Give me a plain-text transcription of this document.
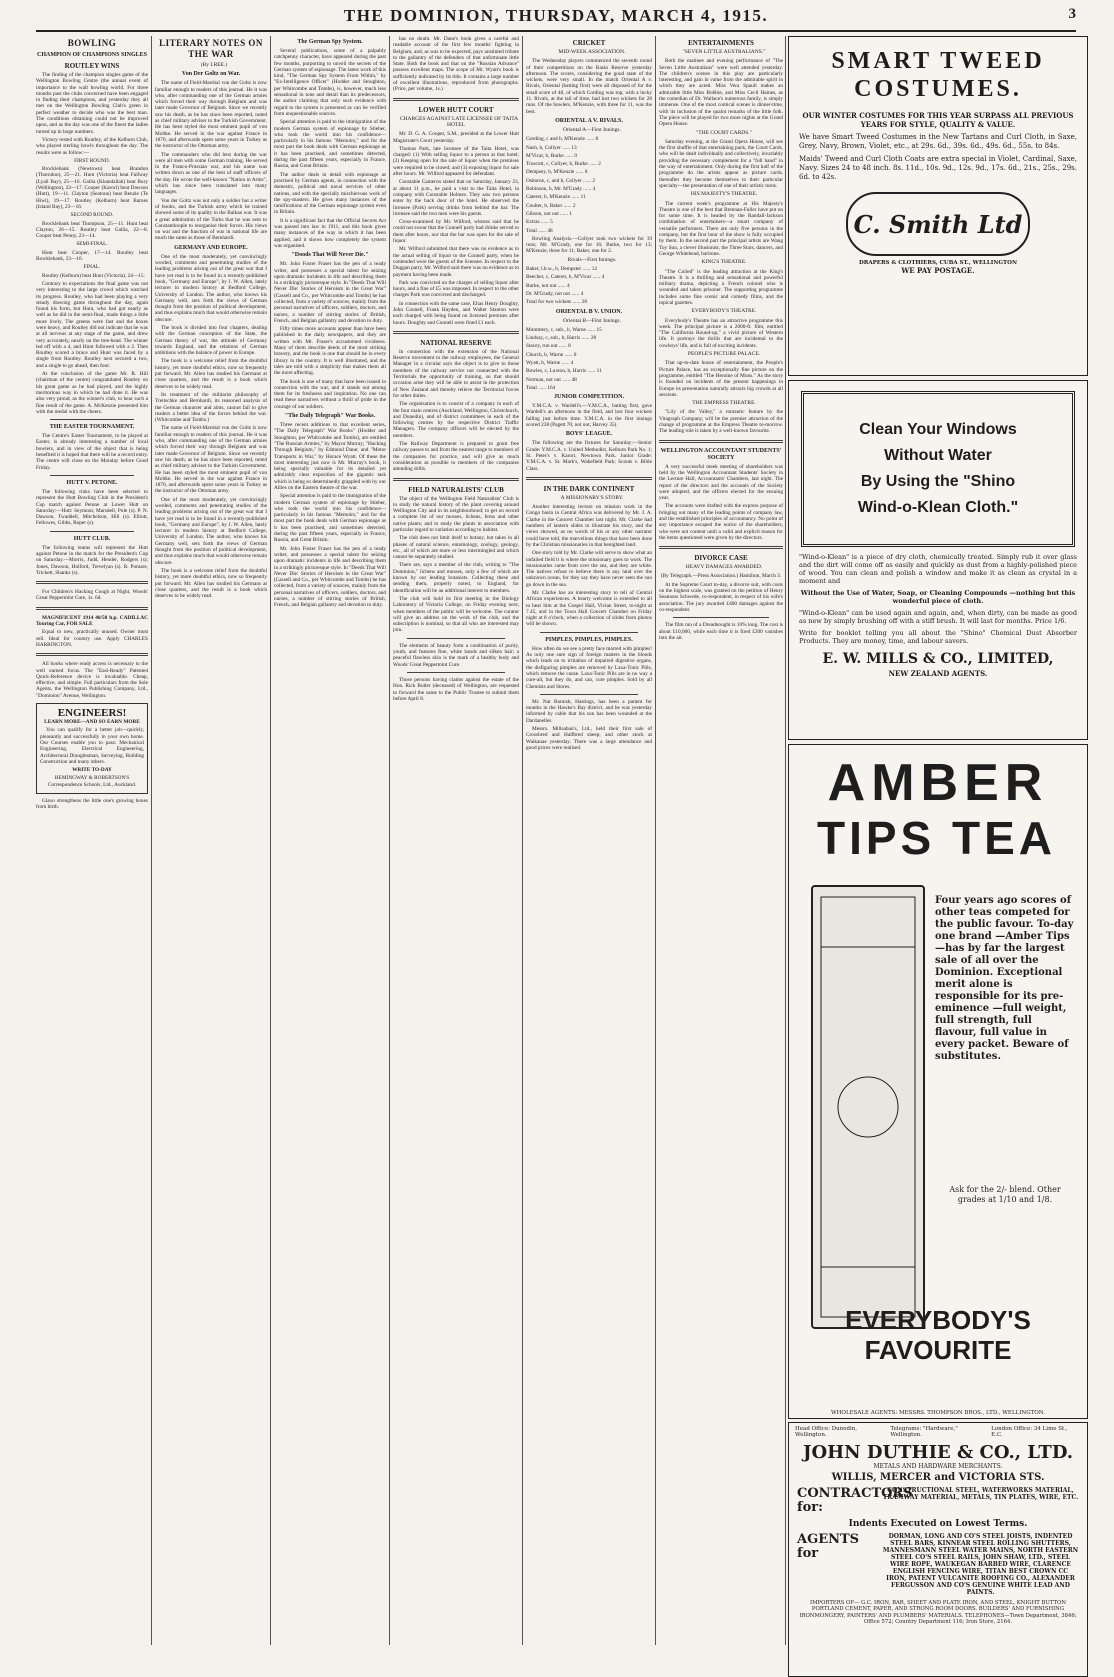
THE DOMINION, THURSDAY, MARCH 4, 1915.	3
BOWLING
CHAMPION OF CHAMPIONS SINGLES
ROUTLEY WINS

The finding of the champion singles game of the Wellington Bowling Centre (the annual event of importance to the wall bowling world. For three months past the clubs concerned have been engaged in finding their champions, and yesterday they all met on the Wellington Bowling Club's green in perfect weather to decide who was the best man. The conditions obtaining could not be improved upon, and as the day was one of the finest the ladies turned up in large numbers.

Victory rested with Routley, of the Kelburn Club, who played sterling bowls throughout the day. The results were as follow:—

FIRST ROUND.

Brocklebank (Newtown) beat Brandon (Thorndon), 25—21. Hunt (Victoria) beat Fallway (Lyall Bay), 25—16. Gallia (Khandallah) beat Bury (Wellington), 22—17. Cooper (Karori) beat Dawson (Hutt), 19—11. Clayton (Seatoun) beat Benzie (Te Hiwi), 19—17. Routley (Kelburn) beat Barnes (Island Bay), 23—16.

SECOND ROUND.

Brocklebank beat Thompson, 25—11. Hunt beat Clayton, 26—15. Routley beat Gallia, 22—8. Cooper beat Penny, 23—14.

SEMI-FINAL.

Hunt beat Cooper, 17—14. Routley beat Brocklebank, 23—16.

FINAL.

Routley (Kelburn) beat Hunt (Victoria), 24—15.

Contrary to expectations the final game was not very interesting to the large crowd which watched its progress. Routley, who had been playing a very steady drawing game throughout the day, again found his form, but Hunt, who had got nearly as well as he did in the semi-final, made things a little more lively. The greens were fast and the boxes were heavy, and Routley did not indicate that he was at all nervous at any stage of the game, and drew very accurately, nearly on the tree-head. The winner led off with a 4, and Hunt followed with a 2. Then Routley scored a brace and Hunt was faced by a single from Routley. Routley next secured a two, and a single to go ahead, then four.

At the conclusion of the game Mr. R. Hill (chairman of the centre) congratulated Routley on his great game as he had played, and the highly meritorious way in which he had done it. He was also very proud, as the winner's club, to hear such a fine result of the game. A. McKenzie presented him with the medal with the cheers.

THE EASTER TOURNAMENT.

The Centre's Easter Tournament, to be played at Easter, is already interesting a number of local bowlers, and in view of the object that is being benefited it is hoped that there will be a record entry. The centre will close on the Monday before Good Friday.

HUTT V. PETONE.

The following rinks have been selected to represent the Hutt Bowling Club in the President's Cup match against Petone at Lower Hutt on Saturday:—Hutt: Seymour, Marsdell, Pole (s). P. N. Dawson, Twaddell, Mitchelson, Hill (s). Elliott, Fellowes, Gibbs, Roper (s).

HUTT CLUB.

The following teams will represent the Hutt against Petone in the match for the President's Cup on Saturday.—Morris, Judd, Hender, Rodgers (s); Jones, Dawson, Holford, Trevelyan (s). R. Pomare, Trickett, Shanks (s).

For Children's Hacking Cough at Night, Woods' Great Peppermint Cure, 1s. 6d.

MAGNIFICENT 1914 40/50 h.p. CADILLAC Touring Car, FOR SALE

Equal to new, practically unused. Owner must sell. Ideal for country use. Apply CHARLES HARRINGTON.

All books where ready access is necessary to the well earned focus. The "Easi-Ready" Patented Quick-Reference device is invaluable. Cheap, effective, and simple. Full particulars from the Sole Agents, the Wellington Publishing Company, Ltd., "Dominion" Avenue, Wellington.

ENGINEERS!

LEARN MORE—AND SO EARN MORE

You can qualify for a better job—quickly, pleasantly and successfully in your own home. Our Courses enable you to pass: Mechanical Engineering, Electrical Engineering, Architectural Draughtsman, Surveying, Building Construction and many others.

WRITE TO-DAY

HEMINGWAY & ROBERTSON'S Correspondence Schools, Ltd., Auckland.

Glaxo strengthens the little one's growing bones from birth.

LITERARY NOTES ON THE WAR

(By I.REE.)

Von Der Goltz on War.

The name of Field-Marshal von der Goltz is now familiar enough to readers of this journal. He it was who, after commanding one of the German armies which forced their way through Belgium and was later made Governor of Belgium. Since we recently saw his death, as he has since been reported, noted as chief military adviser to the Turkish Government. He has been styled the most eminent pupil of von Moltke. He served in the war against France in 1870, and afterwards spent some years in Turkey as the instructor of the Ottoman army.

The commanders who did best during the war were all men with some German training. He served in the Franco-Prussian war, and his name was written down as one of the best of staff officers of the day. He wrote the well-known "Nation in Arms", which has since been translated into many languages.

Von der Goltz was not only a soldier but a writer of books, and the Turkish army which he trained showed some of its quality in the Balkan war. It was a great admiration of the Turks that he was sent to Constantinople to reorganise their forces. His views on war and the function of war in national life are much the same as those of Bernhardi.

GERMANY AND EUROPE.

One of the most moderately, yet convincingly worded, comments and penetrating studies of the leading problems arising out of the great war that I have yet read is to be found in a recently-published book, "Germany and Europe", by J. W. Allen, lately lecturer in modern history at Bedford College, University of London. The author, who knows his Germany well, sets forth the views of German thought from the position of political development, and thus explains much that would otherwise remain obscure.

The book is divided into four chapters, dealing with the German conception of the State, the German theory of war, the attitude of Germany towards England, and the relations of German ambitions with the balance of power in Europe.

The book is a welcome relief from the doubtful history, yet more doubtful ethics, now so frequently put forward. Mr. Allen has studied his Germans at close quarters, and the result is a book which deserves to be widely read.

Its treatment of the militarist philosophy of Treitschke and Bernhardi, its reasoned analysis of the German character and aims, cannot fail to give readers a better idea of the forces behind the war. (Whitcombe and Tombs.)

The name of Field-Marshal von der Goltz is now familiar enough to readers of this journal. He it was who, after commanding one of the German armies which forced their way through Belgium and was later made Governor of Belgium. Since we recently saw his death, as he has since been reported, noted as chief military adviser to the Turkish Government. He has been styled the most eminent pupil of von Moltke. He served in the war against France in 1870, and afterwards spent some years in Turkey as the instructor of the Ottoman army.

One of the most moderately, yet convincingly worded, comments and penetrating studies of the leading problems arising out of the great war that I have yet read is to be found in a recently-published book, "Germany and Europe", by J. W. Allen, lately lecturer in modern history at Bedford College, University of London. The author, who knows his Germany well, sets forth the views of German thought from the position of political development, and thus explains much that would otherwise remain obscure.

The book is a welcome relief from the doubtful history, yet more doubtful ethics, now so frequently put forward. Mr. Allen has studied his Germans at close quarters, and the result is a book which deserves to be widely read.

The German Spy System.

Several publications, some of a palpably catchpenny character, have appeared during the past few months, purporting to unveil the secrets of the German system of espionage. The latest work of this kind, "The German Spy System From Within," by "Ex-Intelligence Officer" (Hodder and Stoughton, per Whitcombe and Tombs), is, however, much less sensational in tone and detail than its predecessors, the author claiming that only such evidence with regard to the system is presented as can be verified from unquestionable sources.

Special attention is paid to the immigration of the modern German system of espionage by Stieber, who took the world into his confidence—particularly in his famous "Memoirs," and for the most part the book deals with German espionage as it has been practised, and sometimes detected, during the past fifteen years, especially in France, Russia, and Great Britain.

The author deals in detail with espionage as practised by German agents, in connection with the domestic, political and naval services of other nations, and with the specially mischievous work of the spy-masters. He gives many instances of the ramifications of the German espionage system even in Britain.

It is a significant fact that the Official Secrets Act was passed into law in 1911, and this book gives many instances of the way in which it has been applied, and it shows how completely the system was organised.

"Doods That Will Never Die."

Mr. John Foster Fraser has the pen of a ready writer, and possesses a special talent for seizing upon dramatic incidents in life and describing them in a strikingly picturesque style. In "Deeds That Will Never Die: Stories of Heroism in the Great War" (Cassell and Co., per Whitcombe and Tombs) he has collected, from a variety of sources, mainly from the personal narratives of officers, soldiers, doctors, and nurses, a number of stirring stories of British, French, and Belgian gallantry and devotion to duty.

Fifty times more accounts appear than have been published in the daily newspapers, and they are written with Mr. Fraser's accustomed vividness. Many of them describe deeds of the most striking bravery, and the book is one that should be in every library in the country. It is well illustrated, and the tales are told with a simplicity that makes them all the more affecting.

The book is one of many that have been issued in connection with the war, and it stands out among them for its freshness and inspiration. No one can read these narratives without a thrill of pride in the courage of our soldiers.

"The Daily Telegraph" War Books.

Three recent additions to that excellent series, "The Daily Telegraph" War Books" (Hodder and Stoughton, per Whitcombe and Tombs), are entitled "The Russian Armies," by Mayor Murray; "Hacking Through Belgium," by Edmund Dane; and "Motor Transports in War," by Horace Wyatt. Of these the most interesting just now is Mr. Murray's book, it being specially valuable for its detailed yet admirably clear exposition of the gigantic task which is being so determinedly grappled with by our Allies on the Eastern theatre of the war.

Special attention is paid to the immigration of the modern German system of espionage by Stieber, who took the world into his confidence—particularly in his famous "Memoirs," and for the most part the book deals with German espionage as it has been practised, and sometimes detected, during the past fifteen years, especially in France, Russia, and Great Britain.

Mr. John Foster Fraser has the pen of a ready writer, and possesses a special talent for seizing upon dramatic incidents in life and describing them in a strikingly picturesque style. In "Deeds That Will Never Die: Stories of Heroism in the Great War" (Cassell and Co., per Whitcombe and Tombs) he has collected, from a variety of sources, mainly from the personal narratives of officers, soldiers, doctors, and nurses, a number of stirring stories of British, French, and Belgian gallantry and devotion to duty.

has no doubt. Mr. Dane's book gives a careful and readable account of the first few months' fighting in Belgium, and, as was to be expected, pays unstinted tribute to the gallantry of the defenders of that unfortunate little State. Both the book and that on the "Russian Advance" possess excellent maps. The scope of Mr. Wyatt's book is sufficiently indicated by its title. It contains a large number of excellent illustrations, reproduced from photographs. (Price, per volume, 1s.)

LOWER HUTT COURT

CHARGES AGAINST LATE LICENSEE OF TAITA HOTEL

Mr. D. G. A. Cooper, S.M., presided at the Lower Hutt Magistrate's Court yesterday.

Thomas Park, late licensee of the Taita Hotel, was charged: (1) With selling liquor to a person at that hotel; (2) Keeping open for the sale of liquor when the premises were required to be closed; and (3) exposing liquor for sale after hours. Mr. Wilford appeared for defendant.

Constable Cameron stated that on Saturday, January 23, at about 11 p.m., he paid a visit to the Taita Hotel, in company with Constable Holmes. They saw two persons enter by the back door of the hotel. He observed the licensee (Park) serving drinks from behind the bar. The licensee said the two men were his guests.

Cross-examined by Mr. Wilford, witness said that he could not swear that the Connell party had drinks served to them after hours, nor that the bar was open for the sale of liquor.

Mr. Wilford submitted that there was no evidence as to the actual selling of liquor to the Connell party, when he contended were the guests of the licensee. In respect to the Duggan party, Mr. Wilford said there was no evidence as to payment having been made.

Park was convicted on the charges of selling liquor after hours, and a fine of £5 was imposed. In respect to the other charges Park was convicted and discharged.

In connection with the same case, Elias Henry Doughty, John Connell, Frank Hayden, and Walter Stanton were each charged with being found on licensed premises after hours. Doughty and Connell were fined £1 each.

NATIONAL RESERVE

In connection with the extension of the National Reserve movement to the railway employees, the General Manager in a circular says the object is to give to those members of the railway service not connected with the Territorials the opportunity of training, so that should occasion arise they will be able to assist in the protection of New Zealand and thereby relieve the Territorial forces for other duties.

The organisation is to consist of a company in each of the four main centres (Auckland, Wellington, Christchurch, and Dunedin), and of district committees in each of the following centres by the respective District Traffic Managers. The company officers will be elected by the members.

The Railway Department is prepared to grant free railway passes to and from the nearest range to members of the companies for practice, and will give as much consideration as possible to members of the companies attending drills.

FIELD NATURALISTS' CLUB

The object of the Wellington Field Naturalists' Club is to study the natural history of the plant covering around Wellington City and in its neighbourhood; to get on record a complete list of our mosses, lichens, ferns and other native plants; and to study the plants in association with particular regard to variation according to habitat.

The club does not limit itself to botany, but takes in all phases of natural science, entomology, zoology, geology, etc., all of which are more or less intermingled and which cannot be separately studied.

There are, says a member of the club, writing to "The Dominion," lichens and mosses, only a few of which are known by our leading botanists. Collecting these and sending them, properly noted, to England, for identification will be an additional interest to members.

The club will hold its first meeting in the Biology Laboratory of Victoria College, on Friday evening next, when members of the public will be welcome. The curator will give an address on the work of the club, and the subscription is nominal, so that all who are interested may join.

The elements of beauty form a combination of purity, youth, and features fine, white hands and silken hair; a peaceful flawless skin is the mark of a healthy body and Woods' Great Peppermint Cure.

Those persons having claims against the estate of the Hon. Rick Butler (deceased) of Wellington, are requested to forward the same to the Public Trustee to submit them before April 8.

CRICKET

MID-WEEK ASSOCIATION.

The Wednesday players commenced the seventh round of their competitions on the Basin Reserve yesterday afternoon. The scores, considering the good state of the wickets, were very small. In the match Oriental A v. Rivals, Oriental (batting first) were all disposed of for the small score of 48, of which Cording was top, with a lucky 11. Rivals, at the tail of time, had lost two wickets for 28 runs. Of the bowlers, M'Kenzie, with three for 11, was the best.

ORIENTAL A V. RIVALS.

Oriental A—First Innings.

Gording, c and b, M'Kenzie ...... 8

Nash, b, Collyer ...... 13

M'Vicar, b, Burke ...... 0

Truscott, c, Collyer, b, Burke ...... 2

Dempsey, b, M'Kenzie ...... 8

Osborne, c, and b, Collyer ...... 2

Robinson, b, Mr. M'Grady ...... 4

Caterer, b, M'Kenzie ...... 11

Coulter, b, Baker ...... 2

Gibson, not out ...... 1

Extras ...... 5

Total ...... 48

Bowling Analysis.—Collyer took two wickets for 19 runs; Mr. M'Grady, one for 16; Burke, two for 13; M'Kenzie, three for 11; Baker, one for 2.

Rivals—First Innings.

Baker, l.b.w., b, Dempster ...... 12

Beecher, c, Caterer, b, M'Vicar ...... 4

Burke, not out ...... 4

Dr. M'Grady, not out ...... 4

Total for two wickets ...... 28

ORIENTAL B V. UNION.

Oriental B—First Innings.

Mummery, c, sub., b, Warne ...... 15

Lindsay, c, sub., b, Harris ...... 28

Stacey, run out ...... 8

Church, b, Warne ...... 0

Wyatt, b, Warne ...... 4

Bowles, c, Luxton, b, Harris ...... 11

Norman, not out ...... 48

Total ...... 164

JUNIOR COMPETITION.

Y.M.C.A. v. Wardell's.—Y.M.C.A., batting first, gave Wardell's an afternoon in the field, and lost four wickets falling just before time. Y.M.C.A. in the first innings scored 238 (Pagett 70, not out; Harvey 35).

BOYS' LEAGUE.

The following are the fixtures for Saturday:—Senior Grade: Y.M.C.A. v. United Methodist, Kelburn Park No. 1; St. Peter's v. Karori, Newtown Park. Junior Grade: Y.M.C.A. v. St. Mark's, Wakefield Park; Scouts v. Bible Class.

IN THE DARK CONTINENT

A MISSIONARY'S STORY.

Another interesting lecture on mission work in the Congo basin in Central Africa was delivered by Mr. J. A. Clarke in the Concert Chamber last night. Mr. Clarke had numbers of lantern slides to illustrate his story, and the views showed, as no words of his or any other narrator could have told, the marvellous things that have been done by the Christian missionaries in that benighted land.

One story told by Mr. Clarke will serve to show what an unfailed field it is where the missionary goes to work. The missionaries came from over the sea, and they are white. The natives refuse to believe there is any land over the unknown ocean, for they say they have never seen the sun go down in the sea.

Mr. Clarke has an interesting story to tell of Central African experiences. A hearty welcome is extended to all to hear him at the Gospel Hall, Vivian Street, to-night at 7.45, and in the Town Hall Concert Chamber on Friday night at 8 o'clock, when a collection of slides from photos will be shown.

PIMPLES, PIMPLES, PIMPLES.

How often do we see a pretty face marred with pimples! As only one sure sign of foreign matters in the bloods which leads on to irritation of impaired digestive organs, the disfiguring pimples are removed by Laxa-Tonic Pills, which remove the cause. Laxa-Tonic Pills are in no way a cure-all, but they do, and can, cure pimples. Sold by all Chemists and Stores.

Mr. Nat Barnish, Hastings, has been a patient for months in the Hawke's Bay district, and he was yesterday informed by cable that his son has been wounded at the Dardanelles.

Messrs. Millsaban's, Ltd., held their first sale of Crossbred and Halfbred sheep, and other stock at Waikanae yesterday. There was a large attendance and good prices were realised.

ENTERTAINMENTS

"SEVEN LITTLE AUSTRALIANS."

Both the matinee and evening performance of "The Seven Little Australians" were well attended yesterday. The children's scenes in this play are particularly interesting, and gain in value from the admirable spirit in which they are acted. Miss Vera Spaull makes an admirable little Miss Bobbie, and Miss Cecil Haines, as the comedian of Dr. Wallace's numerous family, is simply immense. One of the most comical scenes is dinner-time, with its inclusion of the quaint remarks of the little folk. The piece will be played for two more nights at the Grand Opera House.

"THE COURT CARDS."

Saturday evening, at the Grand Opera House, will see the first shuffle of that entertaining pack, the Court Cards, who will be dealt individually and collectively, invariably providing the necessary complement for a "full hand" in the way of entertainment. Only during the first half of the programme do the artists appear as picture cards, thereafter they become themselves to their particular specialty—the presentation of one of their artistic turns.

HIS MAJESTY'S THEATRE.

The current week's programme at His Majesty's Theatre is one of the best that Brennan-Fuller have put on for some time. It is headed by the Randall-Jackson combination of entertainers—a smart company of versatile performers. There are only five persons in the company, but the first hour of the show is fully occupied by them. In the second part the principal artists are Wang Toy Sun, a clever illusionist, the Three Stars, dancers, and George Whitehead, baritone.

KING'S THEATRE.

"The Coiled" is the leading attraction at the King's Theatre. It is a thrilling and sensational and powerful military drama, depicting a French colonel who is wounded and taken prisoner. The supporting programme includes some fine scenic and comedy films, and the topical gazettes.

EVERYBODY'S THEATRE.

Everybody's Theatre has an attractive programme this week. The principal picture is a 2000-ft. film, entitled "The California Round-up," a vivid picture of Western life. It portrays the thrills that are incidental to the cowboys' life, and is full of exciting incidents.

PEOPLE'S PICTURE PALACE.

That up-to-date house of entertainment, the People's Picture Palace, has an exceptionally fine picture on the programme, entitled "The Heroine of Mons." As the story is founded on incidents of the present happenings in Europe its presentation naturally attracts big crowds at all sessions.

THE EMPRESS THEATRE.

"Lily of the Valley," a romantic feature by the Vitagraph Company, will be the premier attraction of the change of programme at the Empress Theatre to-morrow. The leading role is taken by a well-known favourite.

WELLINGTON ACCOUNTANT STUDENTS' SOCIETY

A very successful meek meeting of shareholders was held by the Wellington Accountant Students' Society in the Lecture Hall, Accountants' Chambers, last night. The report of the directors and the accounts of the Society were adopted, and the officers elected for the ensuing year.

The accounts were drafted with the express purpose of bringing out many of the leading points of company law, and the established principles of accountancy. No point of any importance escaped the notice of the shareholders, who were not content until a valid and explicit reason for the items questioned were given by the directors.

DIVORCE CASE

HEAVY DAMAGES AWARDED.

(By Telegraph.—Press Association.) Hamilton, March 3.

At the Supreme Court to-day, a divorce suit, with costs on the highest scale, was granted on the petition of Henry Seamons Schwede, co-respondent, in respect of his wife's association. The jury awarded £400 damages against the co-respondent.

The film run of a Dreadnought is 10% long. The cost is about £10,000, while each time it is fired £200 vanishes into the air.

SMART TWEED COSTUMES.
OUR WINTER COSTUMES FOR THIS YEAR SURPASS ALL PREVIOUS YEARS FOR STYLE, QUALITY & VALUE.

We have Smart Tweed Costumes in the New Tartans and Curl Cloth, in Saxe, Grey, Navy, Brown, Violet, etc., at 29s. 6d., 39s. 6d., 49s. 6d., 55s. to 84s.

Maids' Tweed and Curl Cloth Coats are extra special in Violet, Cardinal, Saxe, Navy. Sizes 24 to 48 inch. 8s. 11d., 10s. 9d., 12s. 9d., 17s. 6d., 21s., 25s., 29s. 6d. to 42s.

C. Smith Ltd
DRAPERS & CLOTHIERS, CUBA ST., WELLINGTON
WE PAY POSTAGE.
Clean Your Windows
Without Water
By Using the "Shino
Wind-o-Klean Cloth."

"Wind-o-Klean" is a piece of dry cloth, chemically treated. Simply rub it over glass and the dirt will come off as easily and quickly as dust from a highly-polished piece of wood. You can clean and polish a window and make it as clean as crystal in a moment and

Without the Use of Water, Soap, or Cleaning Compounds —nothing but this wonderful piece of cloth.

"Wind-o-Klean" can be used again and again, and, when dirty, can be made as good as new by simply brushing off with a stiff brush. It will last for months. Price 1/6.

Write for booklet telling you all about the "Shino" Chemical Dust Absorber Products. They are money, time, and labour savers.

E. W. MILLS & CO., LIMITED,
NEW ZEALAND AGENTS.
AMBER
TIPS TEA
Four years ago scores of other teas competed for the public favour. To-day one brand —Amber Tips—has by far the largest sale of all over the Dominion. Exceptional merit alone is responsible for its pre-eminence —full weight, full strength, full flavour, full value in every packet. Beware of substitutes.
Ask for the 2/- blend. Other grades at 1/10 and 1/8.
EVERYBODY'S FAVOURITE
WHOLESALE AGENTS: MESSRS. THOMPSON BROS., LTD., WELLINGTON.
Head Office: Dunedin, Wellington.
Telegrams: "Hardware," Wellington.
London Office: 34 Lime St., E.C.
JOHN DUTHIE & CO., LTD.
METALS AND HARDWARE MERCHANTS.
WILLIS, MERCER and VICTORIA STS.
CONTRACTORS for:
CONSTRUCTIONAL STEEL, WATERWORKS MATERIAL, TRAMWAY MATERIAL, METALS, TIN PLATES, WIRE, ETC.
Indents Executed on Lowest Terms.
AGENTS for
DORMAN, LONG AND CO'S STEEL JOISTS, INDENTED STEEL BARS, KINNEAR STEEL ROLLING SHUTTERS, MANNESMANN STEEL WATER MAINS, NORTH EASTERN STEEL CO'S STEEL RAILS, JOHN SHAW, LTD., STEEL WIRE ROPE, WAUKEGAN BARBED WIRE, CLARENCE ENGLISH FENCING WIRE, TITAN BEST CROWN CC IRON, PATENT VULCANITE ROOFING CO., ALEXANDER FERGUSSON AND CO'S GENUINE WHITE LEAD AND PAINTS.
IMPORTERS OF— G.C. IRON, BAR, SHEET AND PLATE IRON, AND STEEL, KNIGHT BUTTON PORTLAND CEMENT, PAPER, AND STRONG ROOM DOORS. BUILDERS' AND FURNISHING IRONMONGERY, PAINTERS' AND PLUMBERS' MATERIALS. TELEPHONES—Town Department, 3846; Office 572; Country Department 116; Iron Store, 2164.
